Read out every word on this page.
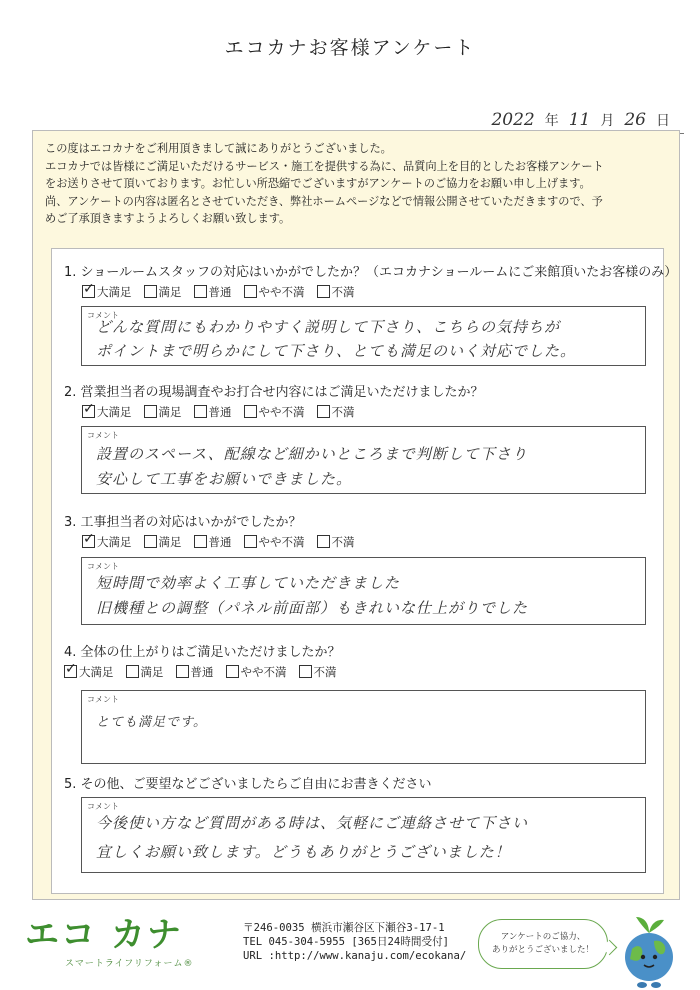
エコカナお客様アンケート
2022 年 11 月 26 日
この度はエコカナをご利用頂きまして誠にありがとうございました。
エコカナでは皆様にご満足いただけるサービス・施工を提供する為に、品質向上を目的としたお客様アンケート
をお送りさせて頂いております。お忙しい所恐縮でございますがアンケートのご協力をお願い申し上げます。
尚、アンケートの内容は匿名とさせていただき、弊社ホームページなどで情報公開させていただきますので、予
めご了承頂きますようよろしくお願い致します。
1. ショールームスタッフの対応はいかがでしたか？（エコカナショールームにご来館頂いたお客様のみ）
✓大満足 満足 普通 やや不満 不満
コメント
どんな質問にもわかりやすく説明して下さり、こちらの気持ちが
ポイントまで明らかにして下さり、とても満足のいく対応でした。
2. 営業担当者の現場調査やお打合せ内容にはご満足いただけましたか？
✓大満足 満足 普通 やや不満 不満
コメント
設置のスペース、配線など細かいところまで判断して下さり
安心して工事をお願いできました。
3. 工事担当者の対応はいかがでしたか？
✓大満足 満足 普通 やや不満 不満
コメント
短時間で効率よく工事していただきました
旧機種との調整（パネル前面部）もきれいな仕上がりでした
4. 全体の仕上がりはご満足いただけましたか？
✓大満足 満足 普通 やや不満 不満
コメント
とても満足です。
5. その他、ご要望などございましたらご自由にお書きください
コメント
今後使い方など質問がある時は、気軽にご連絡させて下さい
宜しくお願い致します。どうもありがとうございました！
エコ カナ
スマートライフリフォーム®
〒246-0035 横浜市瀬谷区下瀬谷3-17-1
TEL 045-304-5955 [365日24時間受付]
URL :http://www.kanaju.com/ecokana/
アンケートのご協力、
ありがとうございました！
